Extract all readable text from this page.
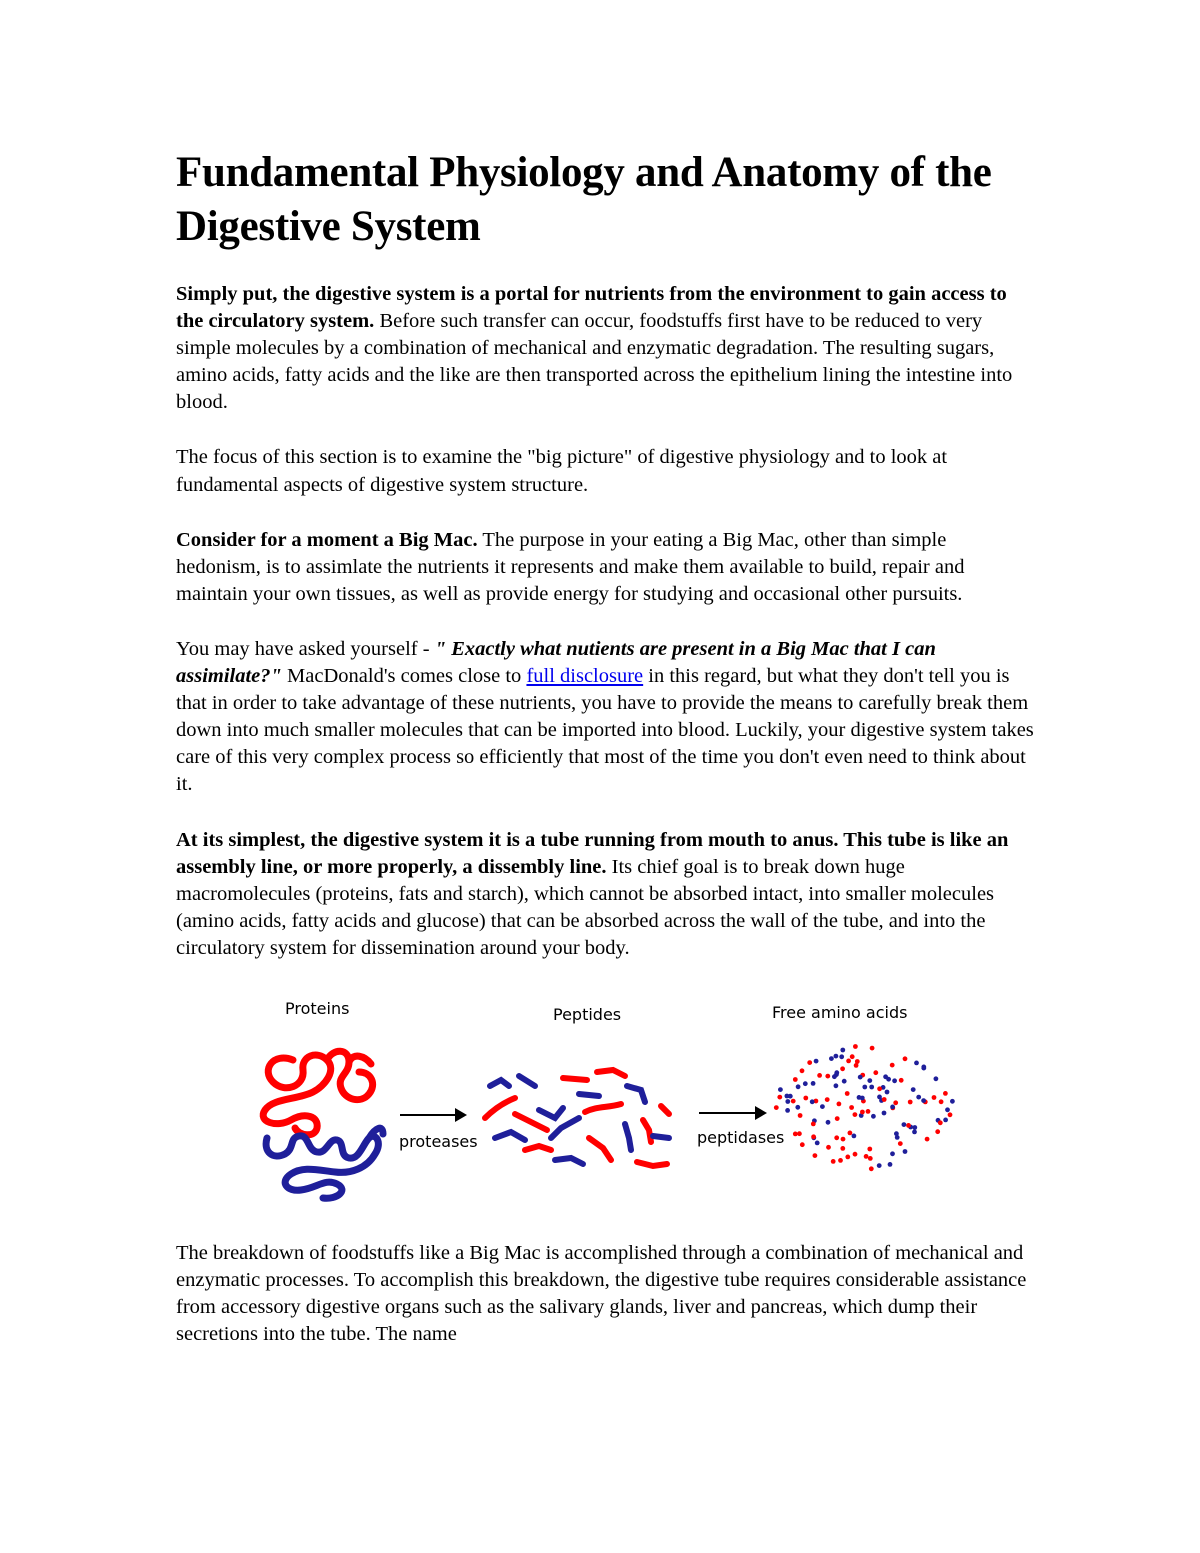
Fundamental Physiology and Anatomy of the Digestive System

Simply put, the digestive system is a portal for nutrients from the environment to gain access to the circulatory system. Before such transfer can occur, foodstuffs first have to be reduced to very simple molecules by a combination of mechanical and enzymatic degradation. The resulting sugars, amino acids, fatty acids and the like are then transported across the epithelium lining the intestine into blood.

The focus of this section is to examine the "big picture" of digestive physiology and to look at fundamental aspects of digestive system structure.

Consider for a moment a Big Mac. The purpose in your eating a Big Mac, other than simple hedonism, is to assimlate the nutrients it represents and make them available to build, repair and maintain your own tissues, as well as provide energy for studying and occasional other pursuits.

You may have asked yourself - " Exactly what nutients are present in a Big Mac that I can assimilate?" MacDonald's comes close to full disclosure in this regard, but what they don't tell you is that in order to take advantage of these nutrients, you have to provide the means to carefully break them down into much smaller molecules that can be imported into blood. Luckily, your digestive system takes care of this very complex process so efficiently that most of the time you don't even need to think about it.

At its simplest, the digestive system it is a tube running from mouth to anus. This tube is like an assembly line, or more properly, a dissembly line. Its chief goal is to break down huge macromolecules (proteins, fats and starch), which cannot be absorbed intact, into smaller molecules (amino acids, fatty acids and glucose) that can be absorbed across the wall of the tube, and into the circulatory system for dissemination around your body.

Proteins	Peptides	Free amino acids
proteases	peptidases

The breakdown of foodstuffs like a Big Mac is accomplished through a combination of mechanical and enzymatic processes. To accomplish this breakdown, the digestive tube requires considerable assistance from accessory digestive organs such as the salivary glands, liver and pancreas, which dump their secretions into the tube. The name
